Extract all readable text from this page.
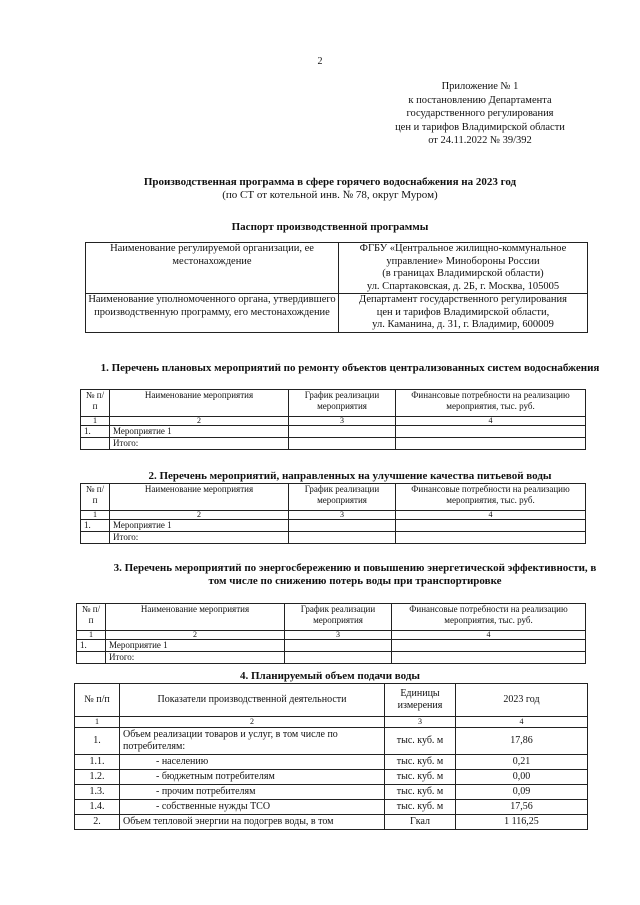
2
Приложение № 1
к постановлению Департамента
государственного регулирования
цен и тарифов Владимирской области
от 24.11.2022 № 39/392
Производственная программа в сфере горячего водоснабжения на 2023 год
(по СТ от котельной инв. № 78, округ Муром)
Паспорт производственной программы
Наименование регулируемой организации, ее местонахождение	ФГБУ «Центральное жилищно-коммунальное
управление» Минобороны России
(в границах Владимирской области)
ул. Спартаковская, д. 2Б, г. Москва, 105005

Наименование уполномоченного органа, утвердившего производственную программу, его местонахождение	Департамент государственного регулирования
цен и тарифов Владимирской области,
ул. Каманина, д. 31, г. Владимир, 600009
1. Перечень плановых мероприятий по ремонту объектов централизованных систем водоснабжения
№ п/п	Наименование мероприятия	График реализации мероприятия	Финансовые потребности на реализацию мероприятия, тыс. руб.
1	2	3	4
1.	Мероприятие 1		
	Итого:		
2. Перечень мероприятий, направленных на улучшение качества питьевой воды
№ п/п	Наименование мероприятия	График реализации мероприятия	Финансовые потребности на реализацию мероприятия, тыс. руб.
1	2	3	4
1.	Мероприятие 1		
	Итого:		
3. Перечень мероприятий по энергосбережению и повышению энергетической эффективности, в том числе по снижению потерь воды при транспортировке
№ п/п	Наименование мероприятия	График реализации мероприятия	Финансовые потребности на реализацию мероприятия, тыс. руб.
1	2	3	4
1.	Мероприятие 1		
	Итого:		
4. Планируемый объем подачи воды
№ п/п	Показатели производственной деятельности	Единицы измерения	2023 год
1	2	3	4
1.	Объем реализации товаров и услуг, в том числе по потребителям:	тыс. куб. м	17,86
1.1.	- населению	тыс. куб. м	0,21
1.2.	- бюджетным потребителям	тыс. куб. м	0,00
1.3.	- прочим потребителям	тыс. куб. м	0,09
1.4.	- собственные нужды ТСО	тыс. куб. м	17,56
2.	Объем тепловой энергии на подогрев воды, в том	Гкал	1 116,25
